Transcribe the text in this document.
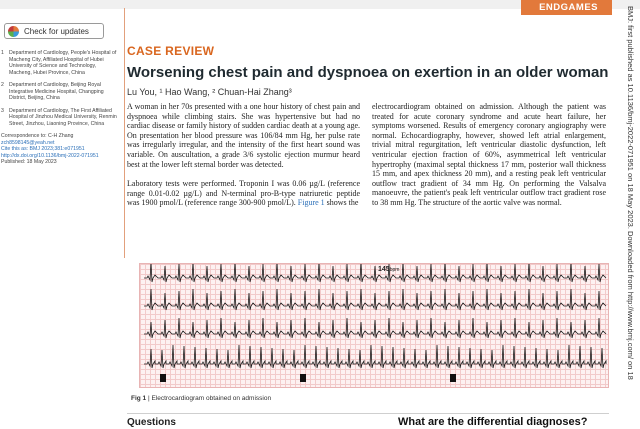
ENDGAMES
Check for updates
1 Department of Cardiology, People's Hospital of Macheng City, Affiliated Hospital of Hubei University of Science and Technology, Macheng, Hubei Province, China
2 Department of Cardiology, Beijing Royal Integrative Medicine Hospital, Changping District, Beijing, China
3 Department of Cardiology, The First Affiliated Hospital of Jinzhou Medical University, Renmin Street, Jinzhou, Liaoning Province, China
Correspondence to: C-H Zhang
zch8598145@yeah.net
Cite this as: BMJ 2023;381:e071951
http://dx.doi.org/10.1136/bmj-2022-071951
Published: 18 May 2023
CASE REVIEW
Worsening chest pain and dyspnoea on exertion in an older woman
Lu You, ¹ Hao Wang, ² Chuan-Hai Zhang³

A woman in her 70s presented with a one hour history of chest pain and dyspnoea while climbing stairs. She was hypertensive but had no cardiac disease or family history of sudden cardiac death at a young age. On presentation her blood pressure was 106/84 mm Hg, her pulse rate was irregularly irregular, and the intensity of the first heart sound was variable. On auscultation, a grade 3/6 systolic ejection murmur heard best at the lower left sternal border was detected.

Laboratory tests were performed. Troponin I was 0.06 µg/L (reference range 0.01-0.02 µg/L) and N-terminal pro-B-type natriuretic peptide was 1900 pmol/L (reference range 300-900 pmol/L). Figure 1 shows the

electrocardiogram obtained on admission. Although the patient was treated for acute coronary syndrome and acute heart failure, her symptoms worsened. Results of emergency coronary angiography were normal. Echocardiography, however, showed left atrial enlargement, trivial mitral regurgitation, left ventricular diastolic dysfunction, left ventricular ejection fraction of 60%, asymmetrical left ventricular hypertrophy (maximal septal thickness 17 mm, posterior wall thickness 15 mm, and apex thickness 20 mm), and a resting peak left ventricular outflow tract gradient of 34 mm Hg. On performing the Valsalva manoeuvre, the patient's peak left ventricular outflow tract gradient rose to 38 mm Hg. The structure of the aortic valve was normal.

145bpm
Fig 1 | Electrocardiogram obtained on admission
Questions	What are the differential diagnoses?
BMJ: first published as 10.1136/bmj-2022-071951 on 18 May 2023. Downloaded from http://www.bmj.com/ on 18
